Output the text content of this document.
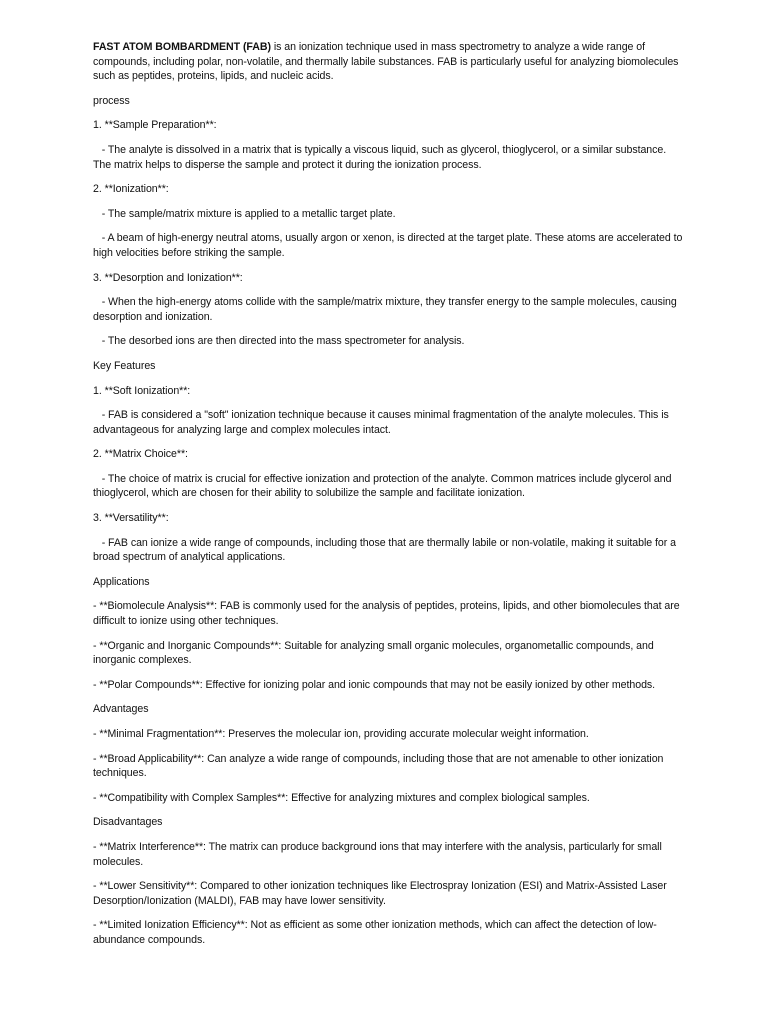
FAST ATOM BOMBARDMENT (FAB) is an ionization technique used in mass spectrometry to analyze a wide range of compounds, including polar, non-volatile, and thermally labile substances. FAB is particularly useful for analyzing biomolecules such as peptides, proteins, lipids, and nucleic acids.

process

1. **Sample Preparation**:

- The analyte is dissolved in a matrix that is typically a viscous liquid, such as glycerol, thioglycerol, or a similar substance. The matrix helps to disperse the sample and protect it during the ionization process.

2. **Ionization**:

- The sample/matrix mixture is applied to a metallic target plate.

- A beam of high-energy neutral atoms, usually argon or xenon, is directed at the target plate. These atoms are accelerated to high velocities before striking the sample.

3. **Desorption and Ionization**:

- When the high-energy atoms collide with the sample/matrix mixture, they transfer energy to the sample molecules, causing desorption and ionization.

- The desorbed ions are then directed into the mass spectrometer for analysis.

Key Features

1. **Soft Ionization**:

- FAB is considered a "soft" ionization technique because it causes minimal fragmentation of the analyte molecules. This is advantageous for analyzing large and complex molecules intact.

2. **Matrix Choice**:

- The choice of matrix is crucial for effective ionization and protection of the analyte. Common matrices include glycerol and thioglycerol, which are chosen for their ability to solubilize the sample and facilitate ionization.

3. **Versatility**:

- FAB can ionize a wide range of compounds, including those that are thermally labile or non-volatile, making it suitable for a broad spectrum of analytical applications.

Applications

- **Biomolecule Analysis**: FAB is commonly used for the analysis of peptides, proteins, lipids, and other biomolecules that are difficult to ionize using other techniques.

- **Organic and Inorganic Compounds**: Suitable for analyzing small organic molecules, organometallic compounds, and inorganic complexes.

- **Polar Compounds**: Effective for ionizing polar and ionic compounds that may not be easily ionized by other methods.

Advantages

- **Minimal Fragmentation**: Preserves the molecular ion, providing accurate molecular weight information.

- **Broad Applicability**: Can analyze a wide range of compounds, including those that are not amenable to other ionization techniques.

- **Compatibility with Complex Samples**: Effective for analyzing mixtures and complex biological samples.

Disadvantages

- **Matrix Interference**: The matrix can produce background ions that may interfere with the analysis, particularly for small molecules.

- **Lower Sensitivity**: Compared to other ionization techniques like Electrospray Ionization (ESI) and Matrix-Assisted Laser Desorption/Ionization (MALDI), FAB may have lower sensitivity.

- **Limited Ionization Efficiency**: Not as efficient as some other ionization methods, which can affect the detection of low-abundance compounds.
